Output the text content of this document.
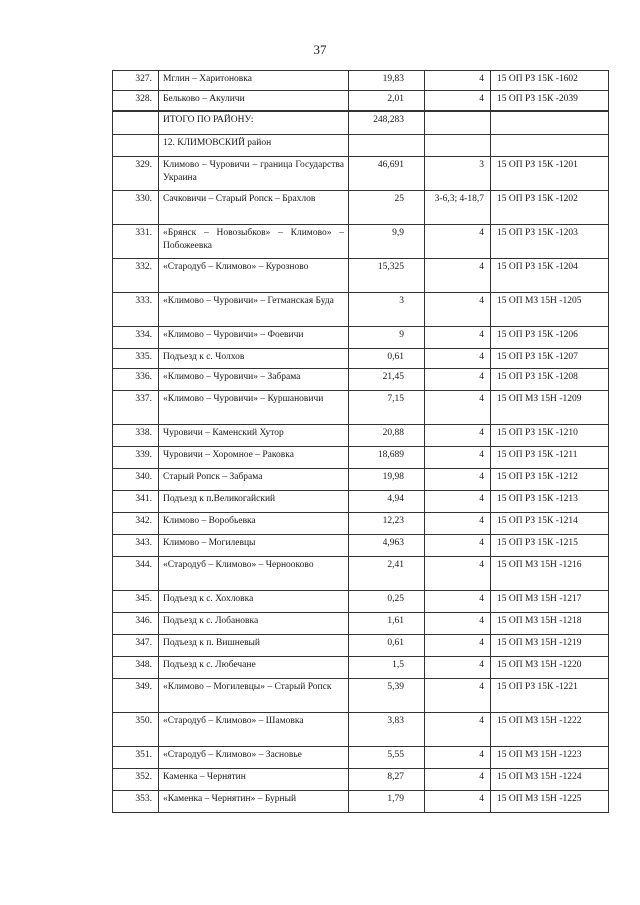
37
327.	Мглин – Харитоновка	19,83	4	15 ОП РЗ 15К -1602
328.	Бельково – Акуличи	2,01	4	15 ОП РЗ 15К -2039
	ИТОГО ПО РАЙОНУ:	248,283		
	12. КЛИМОВСКИЙ район			
329.	Климово – Чуровичи – граница Государства Украина	46,691	3	15 ОП РЗ 15К -1201
330.	Сачковичи – Старый Ропск – Брахлов	25	3-6,3; 4-18,7	15 ОП РЗ 15К -1202
331.	«Брянск – Новозыбков» – Климово» – Побожеевка	9,9	4	15 ОП РЗ 15К -1203
332.	«Стародуб – Климово» – Курозново	15,325	4	15 ОП РЗ 15К -1204
333.	«Климово – Чуровичи» – Гетманская Буда	3	4	15 ОП МЗ 15Н -1205
334.	«Климово – Чуровичи» – Фоевичи	9	4	15 ОП РЗ 15К -1206
335.	Подъезд к с. Чолхов	0,61	4	15 ОП РЗ 15К -1207
336.	«Климово – Чуровичи» – Забрама	21,45	4	15 ОП РЗ 15К -1208
337.	«Климово – Чуровичи» – Куршановичи	7,15	4	15 ОП МЗ 15Н -1209
338.	Чуровичи – Каменский Хутор	20,88	4	15 ОП РЗ 15К -1210
339.	Чуровичи – Хоромное – Раковка	18,689	4	15 ОП РЗ 15К -1211
340.	Старый Ропск – Забрама	19,98	4	15 ОП РЗ 15К -1212
341.	Подъезд к п.Великогайский	4,94	4	15 ОП РЗ 15К -1213
342.	Климово – Воробьевка	12,23	4	15 ОП РЗ 15К -1214
343.	Климово – Могилевцы	4,963	4	15 ОП РЗ 15К -1215
344.	«Стародуб – Климово» – Чернооково	2,41	4	15 ОП МЗ 15Н -1216
345.	Подъезд к с. Хохловка	0,25	4	15 ОП МЗ 15Н -1217
346.	Подъезд к с. Лобановка	1,61	4	15 ОП МЗ 15Н -1218
347.	Подъезд к п. Вишневый	0,61	4	15 ОП МЗ 15Н -1219
348.	Подъезд к с. Любечане	1,5	4	15 ОП МЗ 15Н -1220
349.	«Климово – Могилевцы» – Старый Ропск	5,39	4	15 ОП РЗ 15К -1221
350.	«Стародуб – Климово» – Шамовка	3,83	4	15 ОП МЗ 15Н -1222
351.	«Стародуб – Климово» – Засновье	5,55	4	15 ОП МЗ 15Н -1223
352.	Каменка – Чернятин	8,27	4	15 ОП МЗ 15Н -1224
353.	«Каменка – Чернятин» – Бурный	1,79	4	15 ОП МЗ 15Н -1225
